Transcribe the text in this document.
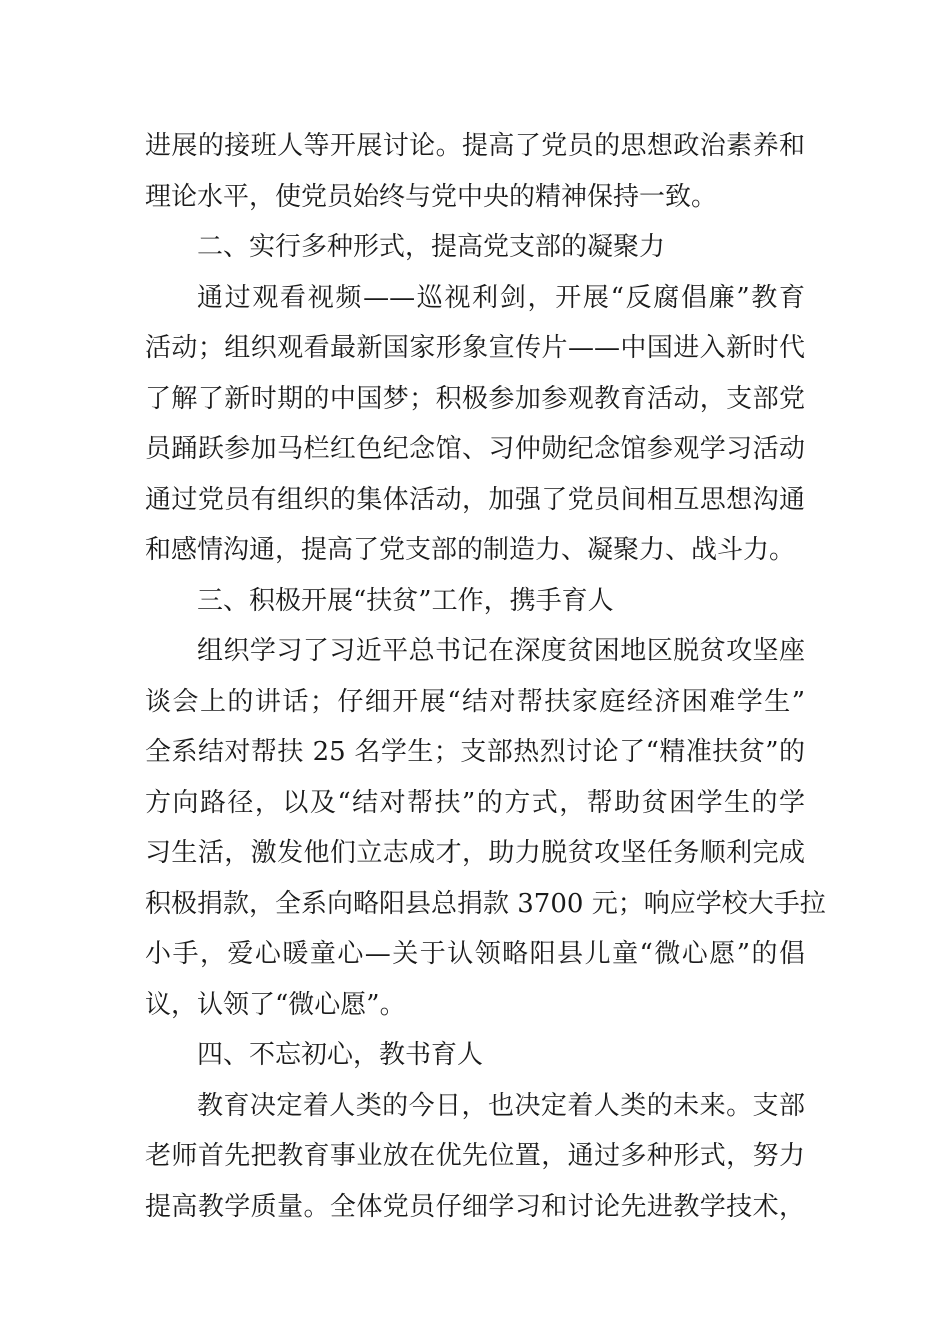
进展的接班人等开展讨论。提高了党员的思想政治素养和
理论水平，使党员始终与党中央的精神保持一致。
二、实行多种形式，提高党支部的凝聚力
通过观看视频——巡视利剑，开展“反腐倡廉”教育
活动；组织观看最新国家形象宣传片——中国进入新时代
了解了新时期的中国梦；积极参加参观教育活动，支部党
员踊跃参加马栏红色纪念馆、习仲勋纪念馆参观学习活动
通过党员有组织的集体活动，加强了党员间相互思想沟通
和感情沟通，提高了党支部的制造力、凝聚力、战斗力。
三、积极开展“扶贫”工作，携手育人
组织学习了习近平总书记在深度贫困地区脱贫攻坚座
谈会上的讲话；仔细开展“结对帮扶家庭经济困难学生”
全系结对帮扶 25 名学生；支部热烈讨论了“精准扶贫”的
方向路径，以及“结对帮扶”的方式，帮助贫困学生的学
习生活，激发他们立志成才，助力脱贫攻坚任务顺利完成
积极捐款，全系向略阳县总捐款 3700 元；响应学校大手拉
小手，爱心暖童心—关于认领略阳县儿童“微心愿”的倡
议，认领了“微心愿”。
四、不忘初心，教书育人
教育决定着人类的今日，也决定着人类的未来。支部
老师首先把教育事业放在优先位置，通过多种形式，努力
提高教学质量。全体党员仔细学习和讨论先进教学技术，
